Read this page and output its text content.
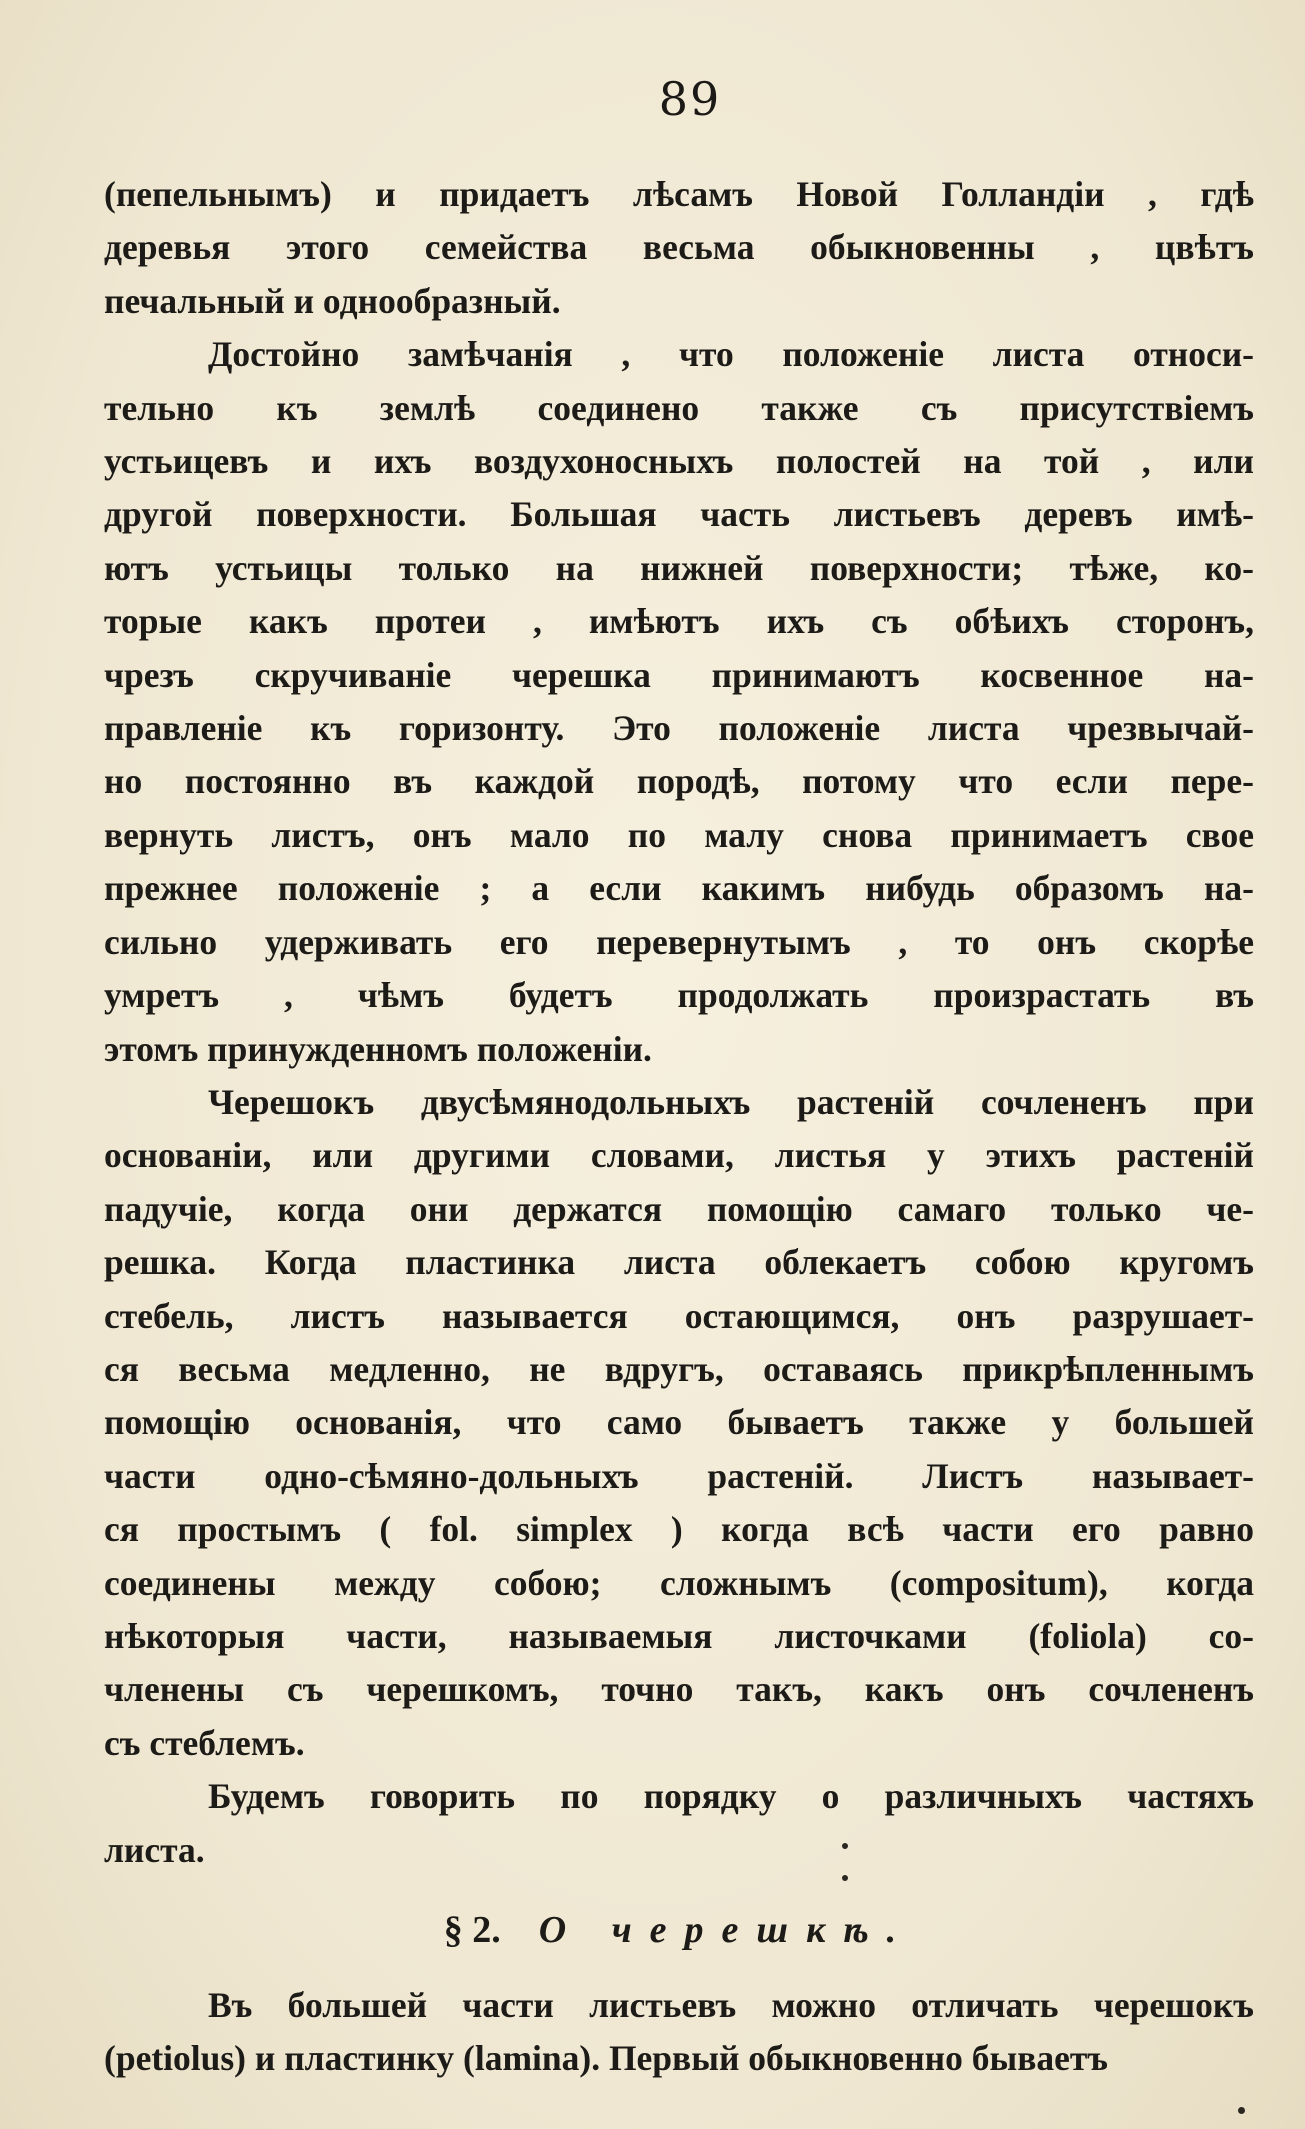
89
(пепельнымъ) и придаетъ лѣсамъ Новой Голландіи , гдѣ
деревья этого семейства весьма обыкновенны , цвѣтъ
печальный и однообразный.
Достойно замѣчанія , что положеніе листа относи-
тельно къ землѣ соединено также съ присутствіемъ
устьицевъ и ихъ воздухоносныхъ полостей на той , или
другой поверхности. Большая часть листьевъ деревъ имѣ-
ютъ устьицы только на нижней поверхности; тѣже, ко-
торые какъ протеи , имѣютъ ихъ съ обѣихъ сторонъ,
чрезъ скручиваніе черешка принимаютъ косвенное на-
правленіе къ горизонту. Это положеніе листа чрезвычай-
но постоянно въ каждой породѣ, потому что если пере-
вернуть листъ, онъ мало по малу снова принимаетъ свое
прежнее положеніе ; а если какимъ нибудь образомъ на-
сильно удерживать его перевернутымъ , то онъ скорѣе
умретъ , чѣмъ будетъ продолжать произрастать въ
этомъ принужденномъ положеніи.
Черешокъ двусѣмянодольныхъ растеній сочлененъ при
основаніи, или другими словами, листья у этихъ растеній
падучіе, когда они держатся помощію самаго только че-
решка. Когда пластинка листа облекаетъ собою кругомъ
стебель, листъ называется остающимся, онъ разрушает-
ся весьма медленно, не вдругъ, оставаясь прикрѣпленнымъ
помощію основанія, что само бываетъ также у большей
части одно-сѣмяно-дольныхъ растеній. Листъ называет-
ся простымъ ( fol. simplex ) когда всѣ части его равно
соединены между собою; сложнымъ (compositum), когда
нѣкоторыя части, называемыя листочками (foliola) со-
членены съ черешкомъ, точно такъ, какъ онъ сочлененъ
съ стеблемъ.
Будемъ говорить по порядку о различныхъ частяхъ
листа.
§ 2. О черешкѣ.
Въ большей части листьевъ можно отличать черешокъ
(petiolus) и пластинку (lamina). Первый обыкновенно бываетъ
